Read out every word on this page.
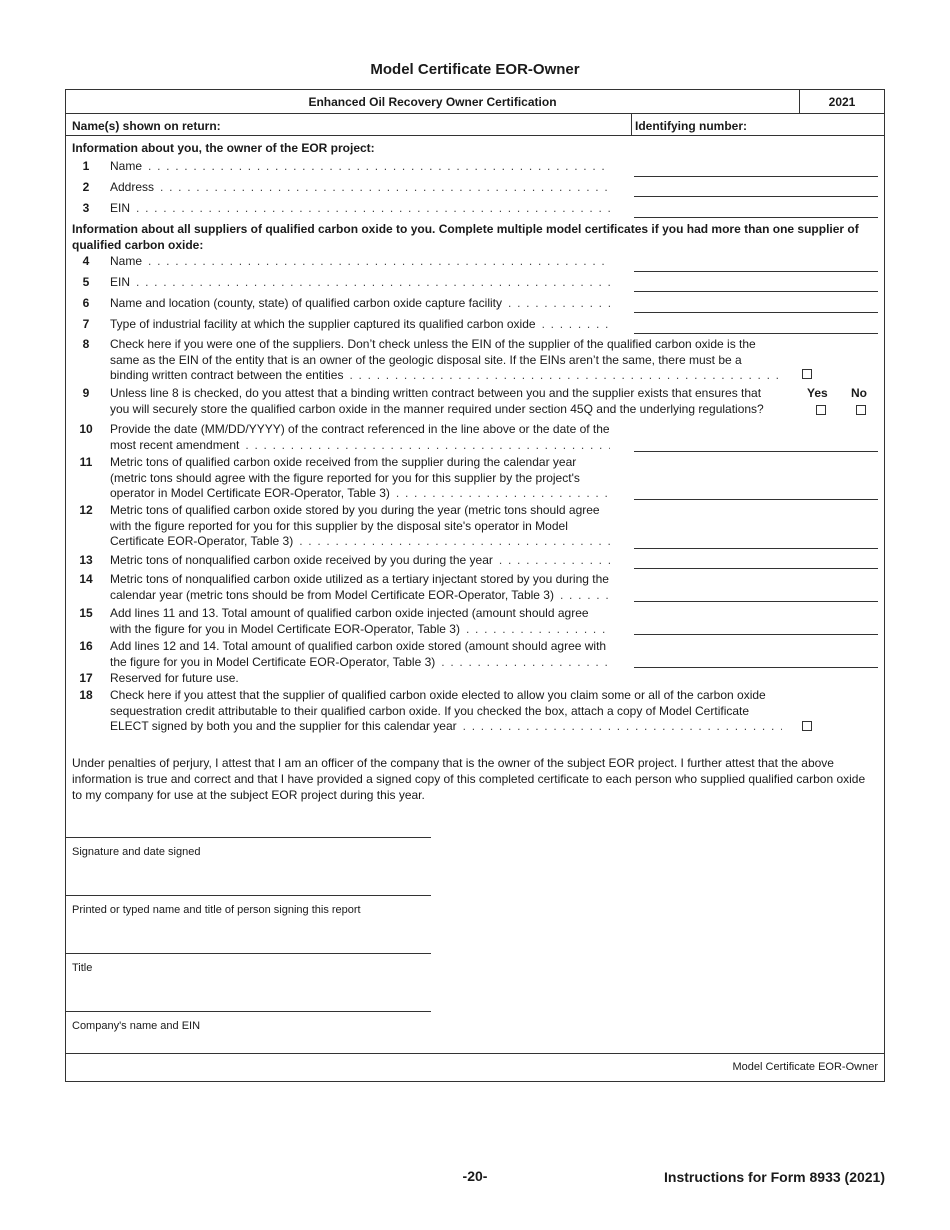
Model Certificate EOR-Owner
Enhanced Oil Recovery Owner Certification	2021
Name(s) shown on return:	Identifying number:
Information about you, the owner of the EOR project:
1	Name . . .
2	Address . . .
3	EIN . . .
Information about all suppliers of qualified carbon oxide to you. Complete multiple model certificates if you had more than one supplier of qualified carbon oxide:
4	Name . . .
5	EIN . . .
6	Name and location (county, state) of qualified carbon oxide capture facility . . .
7	Type of industrial facility at which the supplier captured its qualified carbon oxide . . .
8	Check here if you were one of the suppliers. Don’t check unless the EIN of the supplier of the qualified carbon oxide is the
same as the EIN of the entity that is an owner of the geologic disposal site. If the EINs aren’t the same, there must be a
binding written contract between the entities . . .
9	Unless line 8 is checked, do you attest that a binding written contract between you and the supplier exists that ensures that
you will securely store the qualified carbon oxide in the manner required under section 45Q and the underlying regulations?
Yes No
10	Provide the date (MM/DD/YYYY) of the contract referenced in the line above or the date of the
most recent amendment . . .
11	Metric tons of qualified carbon oxide received from the supplier during the calendar year
(metric tons should agree with the figure reported for you for this supplier by the project's
operator in Model Certificate EOR-Operator, Table 3) . . .
12	Metric tons of qualified carbon oxide stored by you during the year (metric tons should agree
with the figure reported for you for this supplier by the disposal site's operator in Model
Certificate EOR-Operator, Table 3) . . .
13	Metric tons of nonqualified carbon oxide received by you during the year . . .
14	Metric tons of nonqualified carbon oxide utilized as a tertiary injectant stored by you during the
calendar year (metric tons should be from Model Certificate EOR-Operator, Table 3) . . .
15	Add lines 11 and 13. Total amount of qualified carbon oxide injected (amount should agree
with the figure for you in Model Certificate EOR-Operator, Table 3) . . .
16	Add lines 12 and 14. Total amount of qualified carbon oxide stored (amount should agree with
the figure for you in Model Certificate EOR-Operator, Table 3) . . .
17	Reserved for future use.
18	Check here if you attest that the supplier of qualified carbon oxide elected to allow you claim some or all of the carbon oxide
sequestration credit attributable to their qualified carbon oxide. If you checked the box, attach a copy of Model Certificate
ELECT signed by both you and the supplier for this calendar year . . .
Under penalties of perjury, I attest that I am an officer of the company that is the owner of the subject EOR project. I further attest that the above information is true and correct and that I have provided a signed copy of this completed certificate to each person who supplied qualified carbon oxide to my company for use at the subject EOR project during this year.
Signature and date signed
Printed or typed name and title of person signing this report
Title
Company's name and EIN
Model Certificate EOR-Owner
-20-	Instructions for Form 8933 (2021)
